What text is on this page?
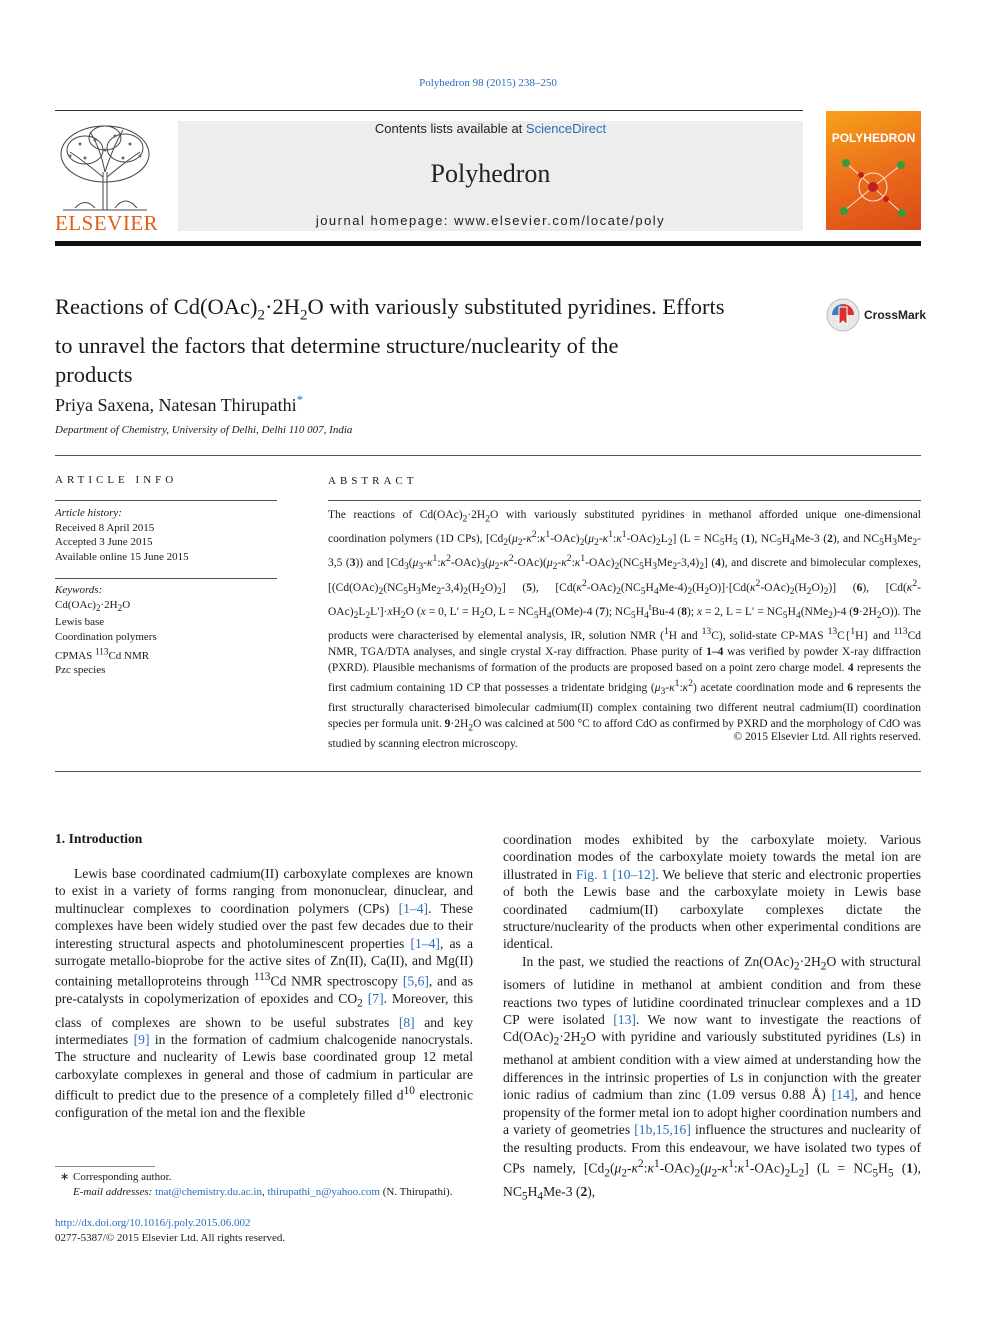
Polyhedron 98 (2015) 238–250
ELSEVIER
Contents lists available at ScienceDirect
Polyhedron
journal homepage: www.elsevier.com/locate/poly
POLYHEDRON
Reactions of $Cd(OAc)_2\cdot 2H_2O$ with variously substituted pyridines. Efforts
to unravel the factors that determine structure/nuclearity of the
products
CrossMark
Priya Saxena, Natesan Thirupathi*
Department of Chemistry, University of Delhi, Delhi 110 007, India
ARTICLE INFO
Article history:
Received 8 April 2015
Accepted 3 June 2015
Available online 15 June 2015
Keywords:
$Cd(OAc)_2\cdot 2H_2O$
Lewis base
Coordination polymers
CPMAS $^{113}$Cd NMR
Pzc species
ABSTRACT
The reactions of $Cd(OAc)_2\cdot 2H_2O$ with variously substituted pyridines in methanol afforded unique one-dimensional coordination polymers (1D CPs), $[Cd_2(\mu_2-\kappa^2:\kappa^1-OAc)_2(\mu_2-\kappa^1:\kappa^1-OAc)_2L_2] (L = NC_5H_5$ (1), $NC_5H_4Me-3$ (2), and $NC_5H_3Me_2-3,5$ (3)) and $[Cd_3(\mu_3-\kappa^1:\kappa^2-OAc)_3(\mu_2-\kappa^2-OAc)(\mu_2-\kappa^2:\kappa^1-OAc)_2(NC_5H_3Me_2-3,4)_2]$ (4), and discrete and bimolecular complexes, [$(Cd(OAc)_2(NC_5H_3Me_2-3,4)_2(H_2O)_2]$ (5), $[Cd(\kappa^2-OAc)_2(NC_5H_4Me-4)_2(H_2O)]\cdot[Cd(\kappa^2-OAc)_2(H_2O)_2)$] (6), $[Cd(\kappa^2-OAc)_2L_2L']\cdot xH_2O$ (x = 0, $L' = H_2O$, $L = NC_5H_4(OMe)-4$ (7); $NC_5H_4^tBu-4$ (8); x = 2, $L = L' = NC_5H_4(NMe_2)-4$ $(9\cdot 2H_2O)$). The products were characterised by elemental analysis, IR, solution NMR ($^1$H and $^{13}$C), solid-state CP-MAS $^{13}$C{$^1$H} and $^{113}$Cd NMR, TGA/DTA analyses, and single crystal X-ray diffraction. Phase purity of 1–4 was verified by powder X-ray diffraction (PXRD). Plausible mechanisms of formation of the products are proposed based on a point zero charge model. 4 represents the first cadmium containing 1D CP that possesses a tridentate bridging $(\mu_3-\kappa^1:\kappa^2)$ acetate coordination mode and 6 represents the first structurally characterised bimolecular cadmium(II) complex containing two different neutral cadmium(II) coordination species per formula unit. $9\cdot 2H_2O$ was calcined at 500 °C to afford CdO as confirmed by PXRD and the morphology of CdO was studied by scanning electron microscopy.
© 2015 Elsevier Ltd. All rights reserved.
1. Introduction
Lewis base coordinated cadmium(II) carboxylate complexes are known to exist in a variety of forms ranging from mononuclear, dinuclear, and multinuclear complexes to coordination polymers (CPs) [1–4]. These complexes have been widely studied over the past few decades due to their interesting structural aspects and photoluminescent properties [1–4], as a surrogate metallo-bioprobe for the active sites of Zn(II), Ca(II), and Mg(II) containing metalloproteins through $^{113}$Cd NMR spectroscopy [5,6], and as pre-catalysts in copolymerization of epoxides and $CO_2$ [7]. Moreover, this class of complexes are shown to be useful substrates [8] and key intermediates [9] in the formation of cadmium chalcogenide nanocrystals. The structure and nuclearity of Lewis base coordinated group 12 metal carboxylate complexes in general and those of cadmium in particular are difficult to predict due to the presence of a completely filled $d^{10}$ electronic configuration of the metal ion and the flexible
coordination modes exhibited by the carboxylate moiety. Various coordination modes of the carboxylate moiety towards the metal ion are illustrated in Fig. 1 [10–12]. We believe that steric and electronic properties of both the Lewis base and the carboxylate moiety in Lewis base coordinated cadmium(II) carboxylate complexes dictate the structure/nuclearity of the products when other experimental conditions are identical.
In the past, we studied the reactions of $Zn(OAc)_2\cdot 2H_2O$ with structural isomers of lutidine in methanol at ambient condition and from these reactions two types of lutidine coordinated trinuclear complexes and a 1D CP were isolated [13]. We now want to investigate the reactions of $Cd(OAc)_2\cdot 2H_2O$ with pyridine and variously substituted pyridines (Ls) in methanol at ambient condition with a view aimed at understanding how the differences in the intrinsic properties of Ls in conjunction with the greater ionic radius of cadmium than zinc (1.09 versus 0.88 Å) [14], and hence propensity of the former metal ion to adopt higher coordination numbers and a variety of geometries [1b,15,16] influence the structures and nuclearity of the resulting products. From this endeavour, we have isolated two types of CPs namely, $[Cd_2(\mu_2-\kappa^2:\kappa^1-OAc)_2(\mu_2-\kappa^1:\kappa^1-OAc)_2L_2] (L = NC_5H_5$ (1), $NC_5H_4Me-3$ (2),
∗ Corresponding author.
E-mail addresses: tnat@chemistry.du.ac.in, thirupathi_n@yahoo.com (N. Thirupathi).
http://dx.doi.org/10.1016/j.poly.2015.06.002
0277-5387/© 2015 Elsevier Ltd. All rights reserved.
